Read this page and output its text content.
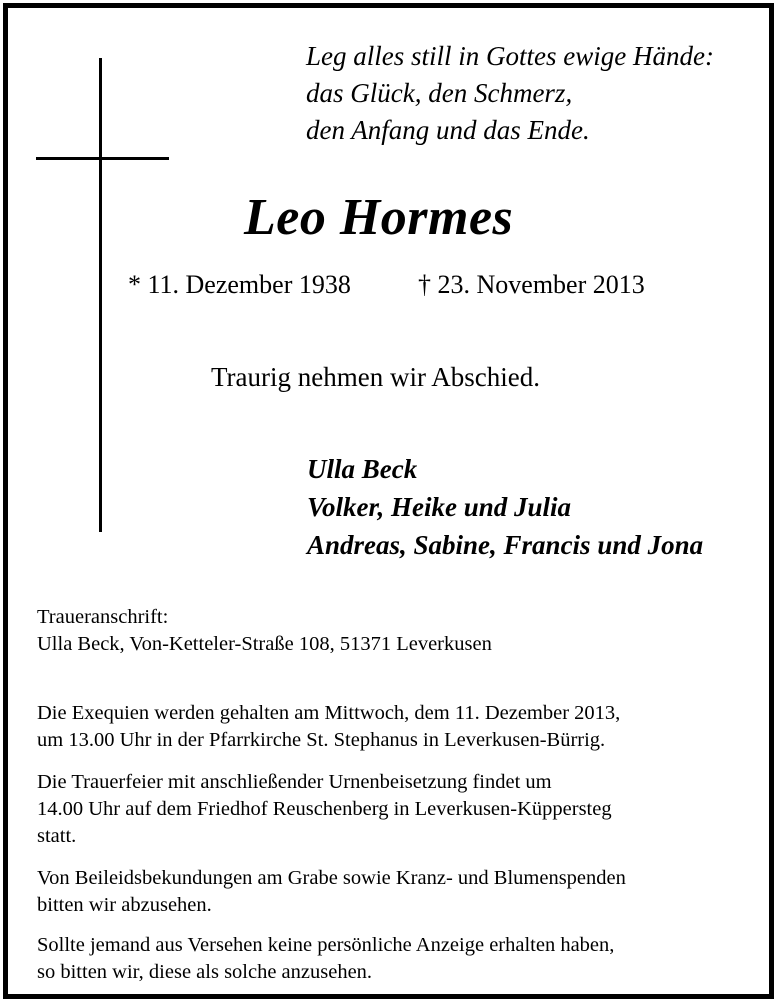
Leg alles still in Gottes ewige Hände:
das Glück, den Schmerz,
den Anfang und das Ende.
Leo Hormes
* 11. Dezember 1938	† 23. November 2013
Traurig nehmen wir Abschied.
Ulla Beck
Volker, Heike und Julia
Andreas, Sabine, Francis und Jona
Traueranschrift:
Ulla Beck, Von-Ketteler-Straße 108, 51371 Leverkusen
Die Exequien werden gehalten am Mittwoch, dem 11. Dezember 2013,
um 13.00 Uhr in der Pfarrkirche St. Stephanus in Leverkusen-Bürrig.
Die Trauerfeier mit anschließender Urnenbeisetzung findet um
14.00 Uhr auf dem Friedhof Reuschenberg in Leverkusen-Küppersteg
statt.
Von Beileidsbekundungen am Grabe sowie Kranz- und Blumenspenden
bitten wir abzusehen.
Sollte jemand aus Versehen keine persönliche Anzeige erhalten haben,
so bitten wir, diese als solche anzusehen.
